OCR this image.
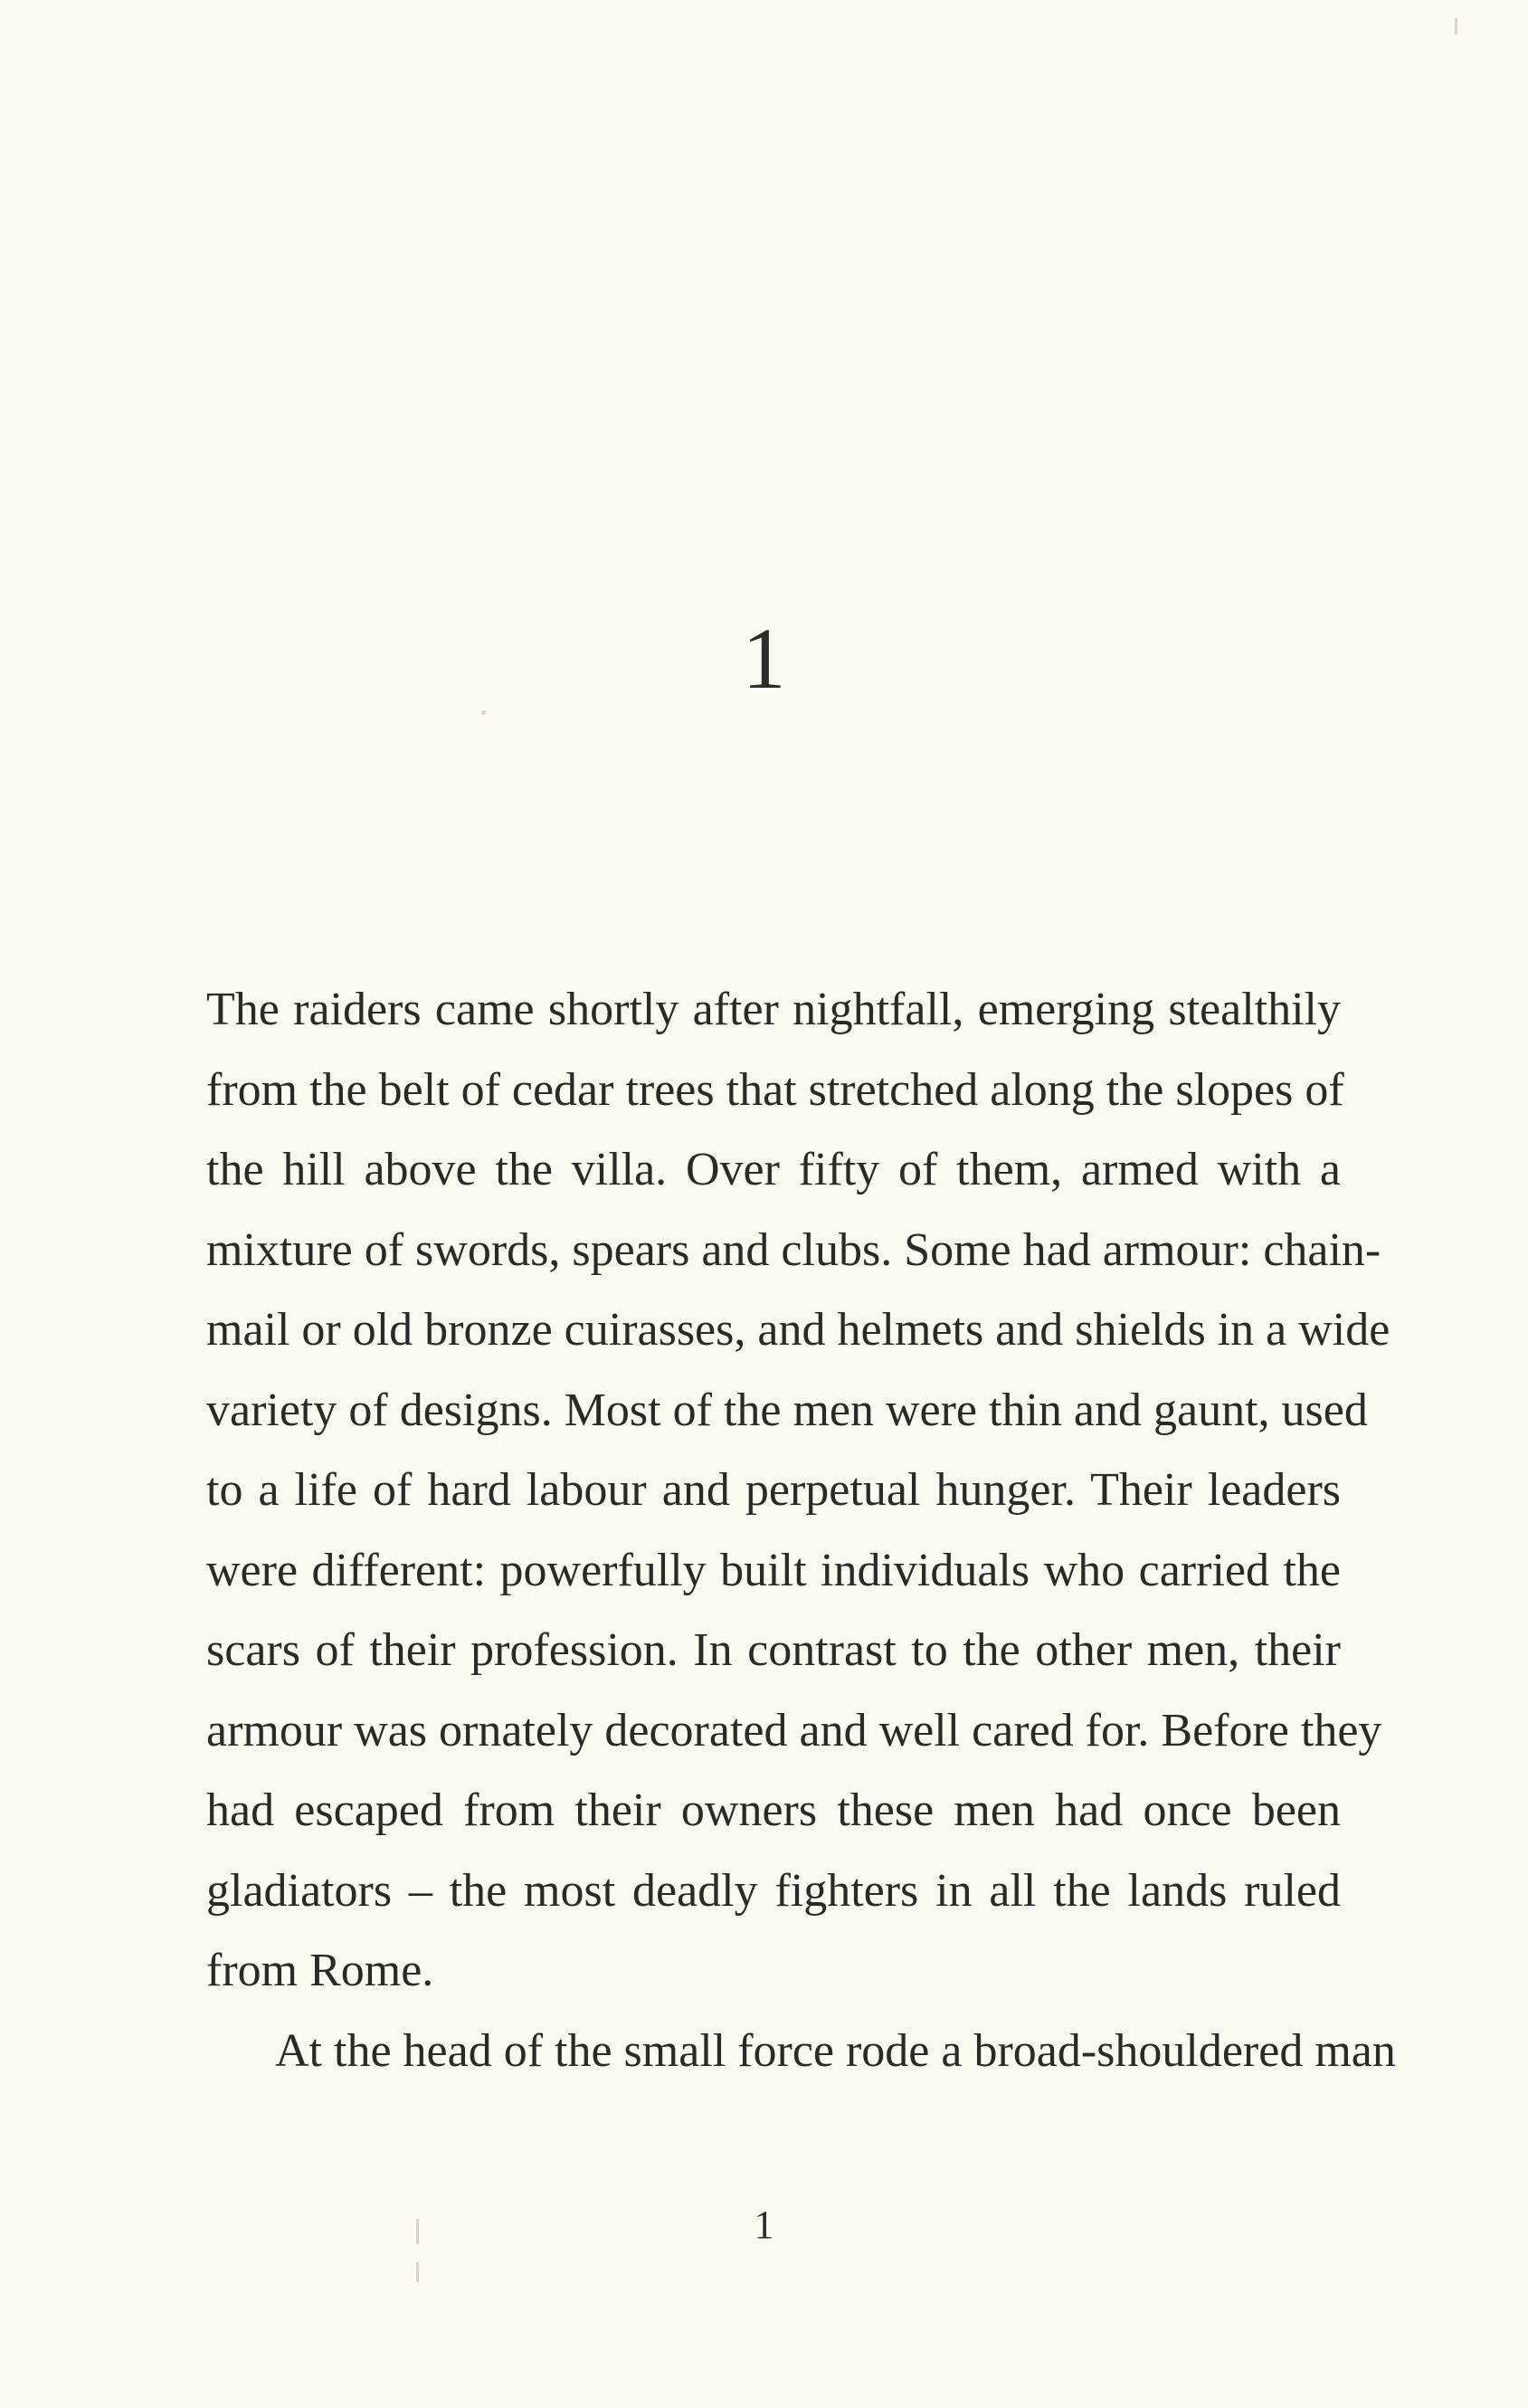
1

The raiders came shortly after nightfall, emerging stealthily
from the belt of cedar trees that stretched along the slopes of
the hill above the villa. Over fifty of them, armed with a
mixture of swords, spears and clubs. Some had armour: chain-
mail or old bronze cuirasses, and helmets and shields in a wide
variety of designs. Most of the men were thin and gaunt, used
to a life of hard labour and perpetual hunger. Their leaders
were different: powerfully built individuals who carried the
scars of their profession. In contrast to the other men, their
armour was ornately decorated and well cared for. Before they
had escaped from their owners these men had once been
gladiators – the most deadly fighters in all the lands ruled
from Rome.

At the head of the small force rode a broad-shouldered man

1
